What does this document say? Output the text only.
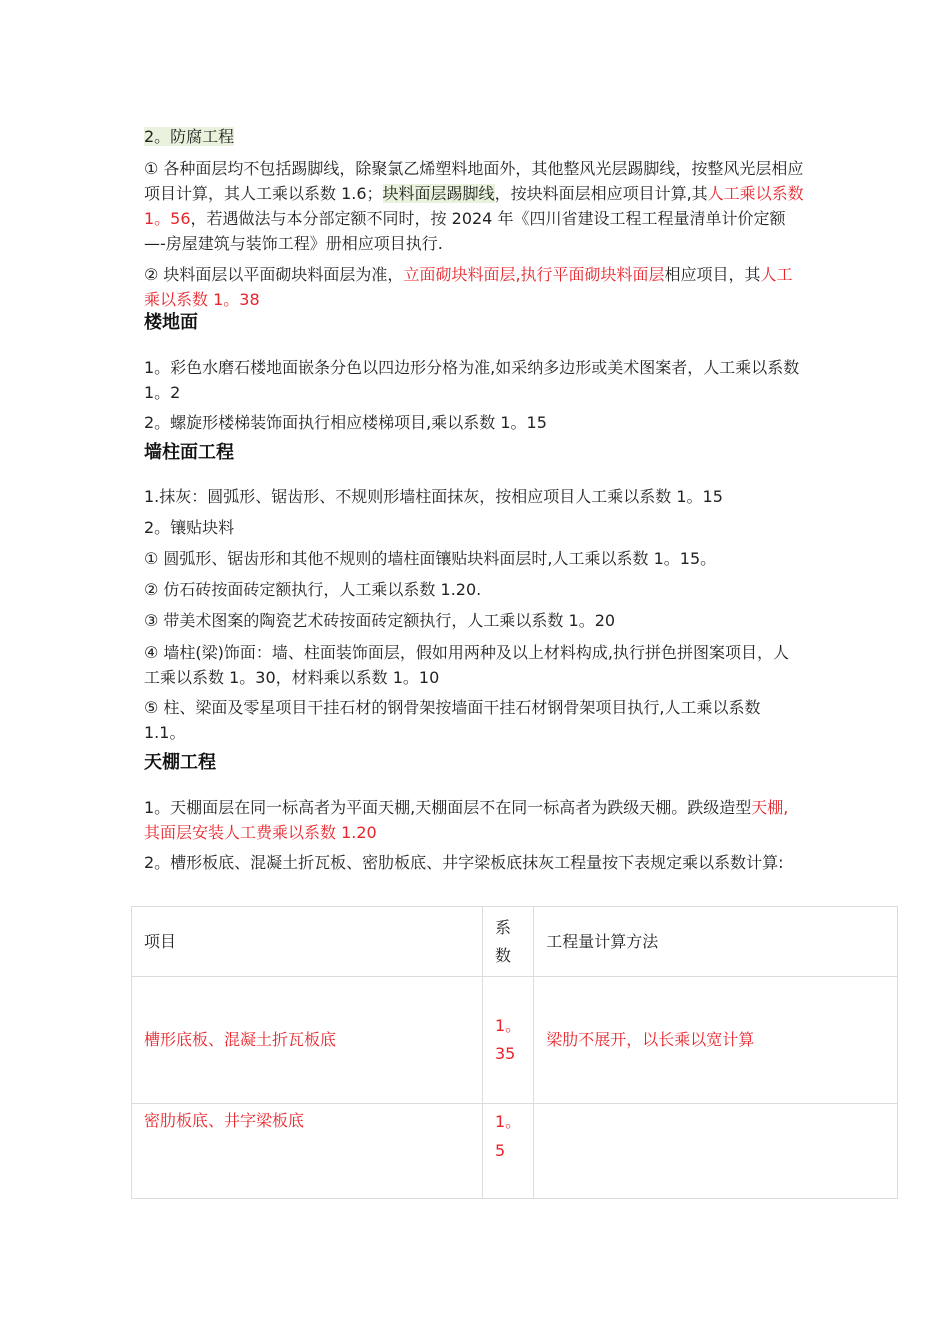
2。防腐工程

① 各种面层均不包括踢脚线，除聚氯乙烯塑料地面外，其他整风光层踢脚线，按整风光层相应项目计算，其人工乘以系数 1.6；块料面层踢脚线，按块料面层相应项目计算,其人工乘以系数 1。56，若遇做法与本分部定额不同时，按 2024 年《四川省建设工程工程量清单计价定额—-房屋建筑与装饰工程》册相应项目执行.

② 块料面层以平面砌块料面层为准，立面砌块料面层,执行平面砌块料面层相应项目，其人工乘以系数 1。38

楼地面

1。彩色水磨石楼地面嵌条分色以四边形分格为准,如采纳多边形或美术图案者，人工乘以系数 1。2

2。螺旋形楼梯装饰面执行相应楼梯项目,乘以系数 1。15

墙柱面工程

1.抹灰：圆弧形、锯齿形、不规则形墙柱面抹灰，按相应项目人工乘以系数 1。15

2。镶贴块料

① 圆弧形、锯齿形和其他不规则的墙柱面镶贴块料面层时,人工乘以系数 1。15。

② 仿石砖按面砖定额执行，人工乘以系数 1.20.

③ 带美术图案的陶瓷艺术砖按面砖定额执行，人工乘以系数 1。20

④ 墙柱(梁)饰面：墙、柱面装饰面层，假如用两种及以上材料构成,执行拼色拼图案项目，人工乘以系数 1。30，材料乘以系数 1。10

⑤ 柱、梁面及零星项目干挂石材的钢骨架按墙面干挂石材钢骨架项目执行,人工乘以系数 1.1。

天棚工程

1。天棚面层在同一标高者为平面天棚,天棚面层不在同一标高者为跌级天棚。跌级造型天棚,其面层安装人工费乘以系数 1.20

2。槽形板底、混凝土折瓦板、密肋板底、井字梁板底抹灰工程量按下表规定乘以系数计算:

项目	系数	工程量计算方法
槽形底板、混凝土折瓦板底	1。35	梁肋不展开，以长乘以宽计算
密肋板底、井字梁板底	1。5	
